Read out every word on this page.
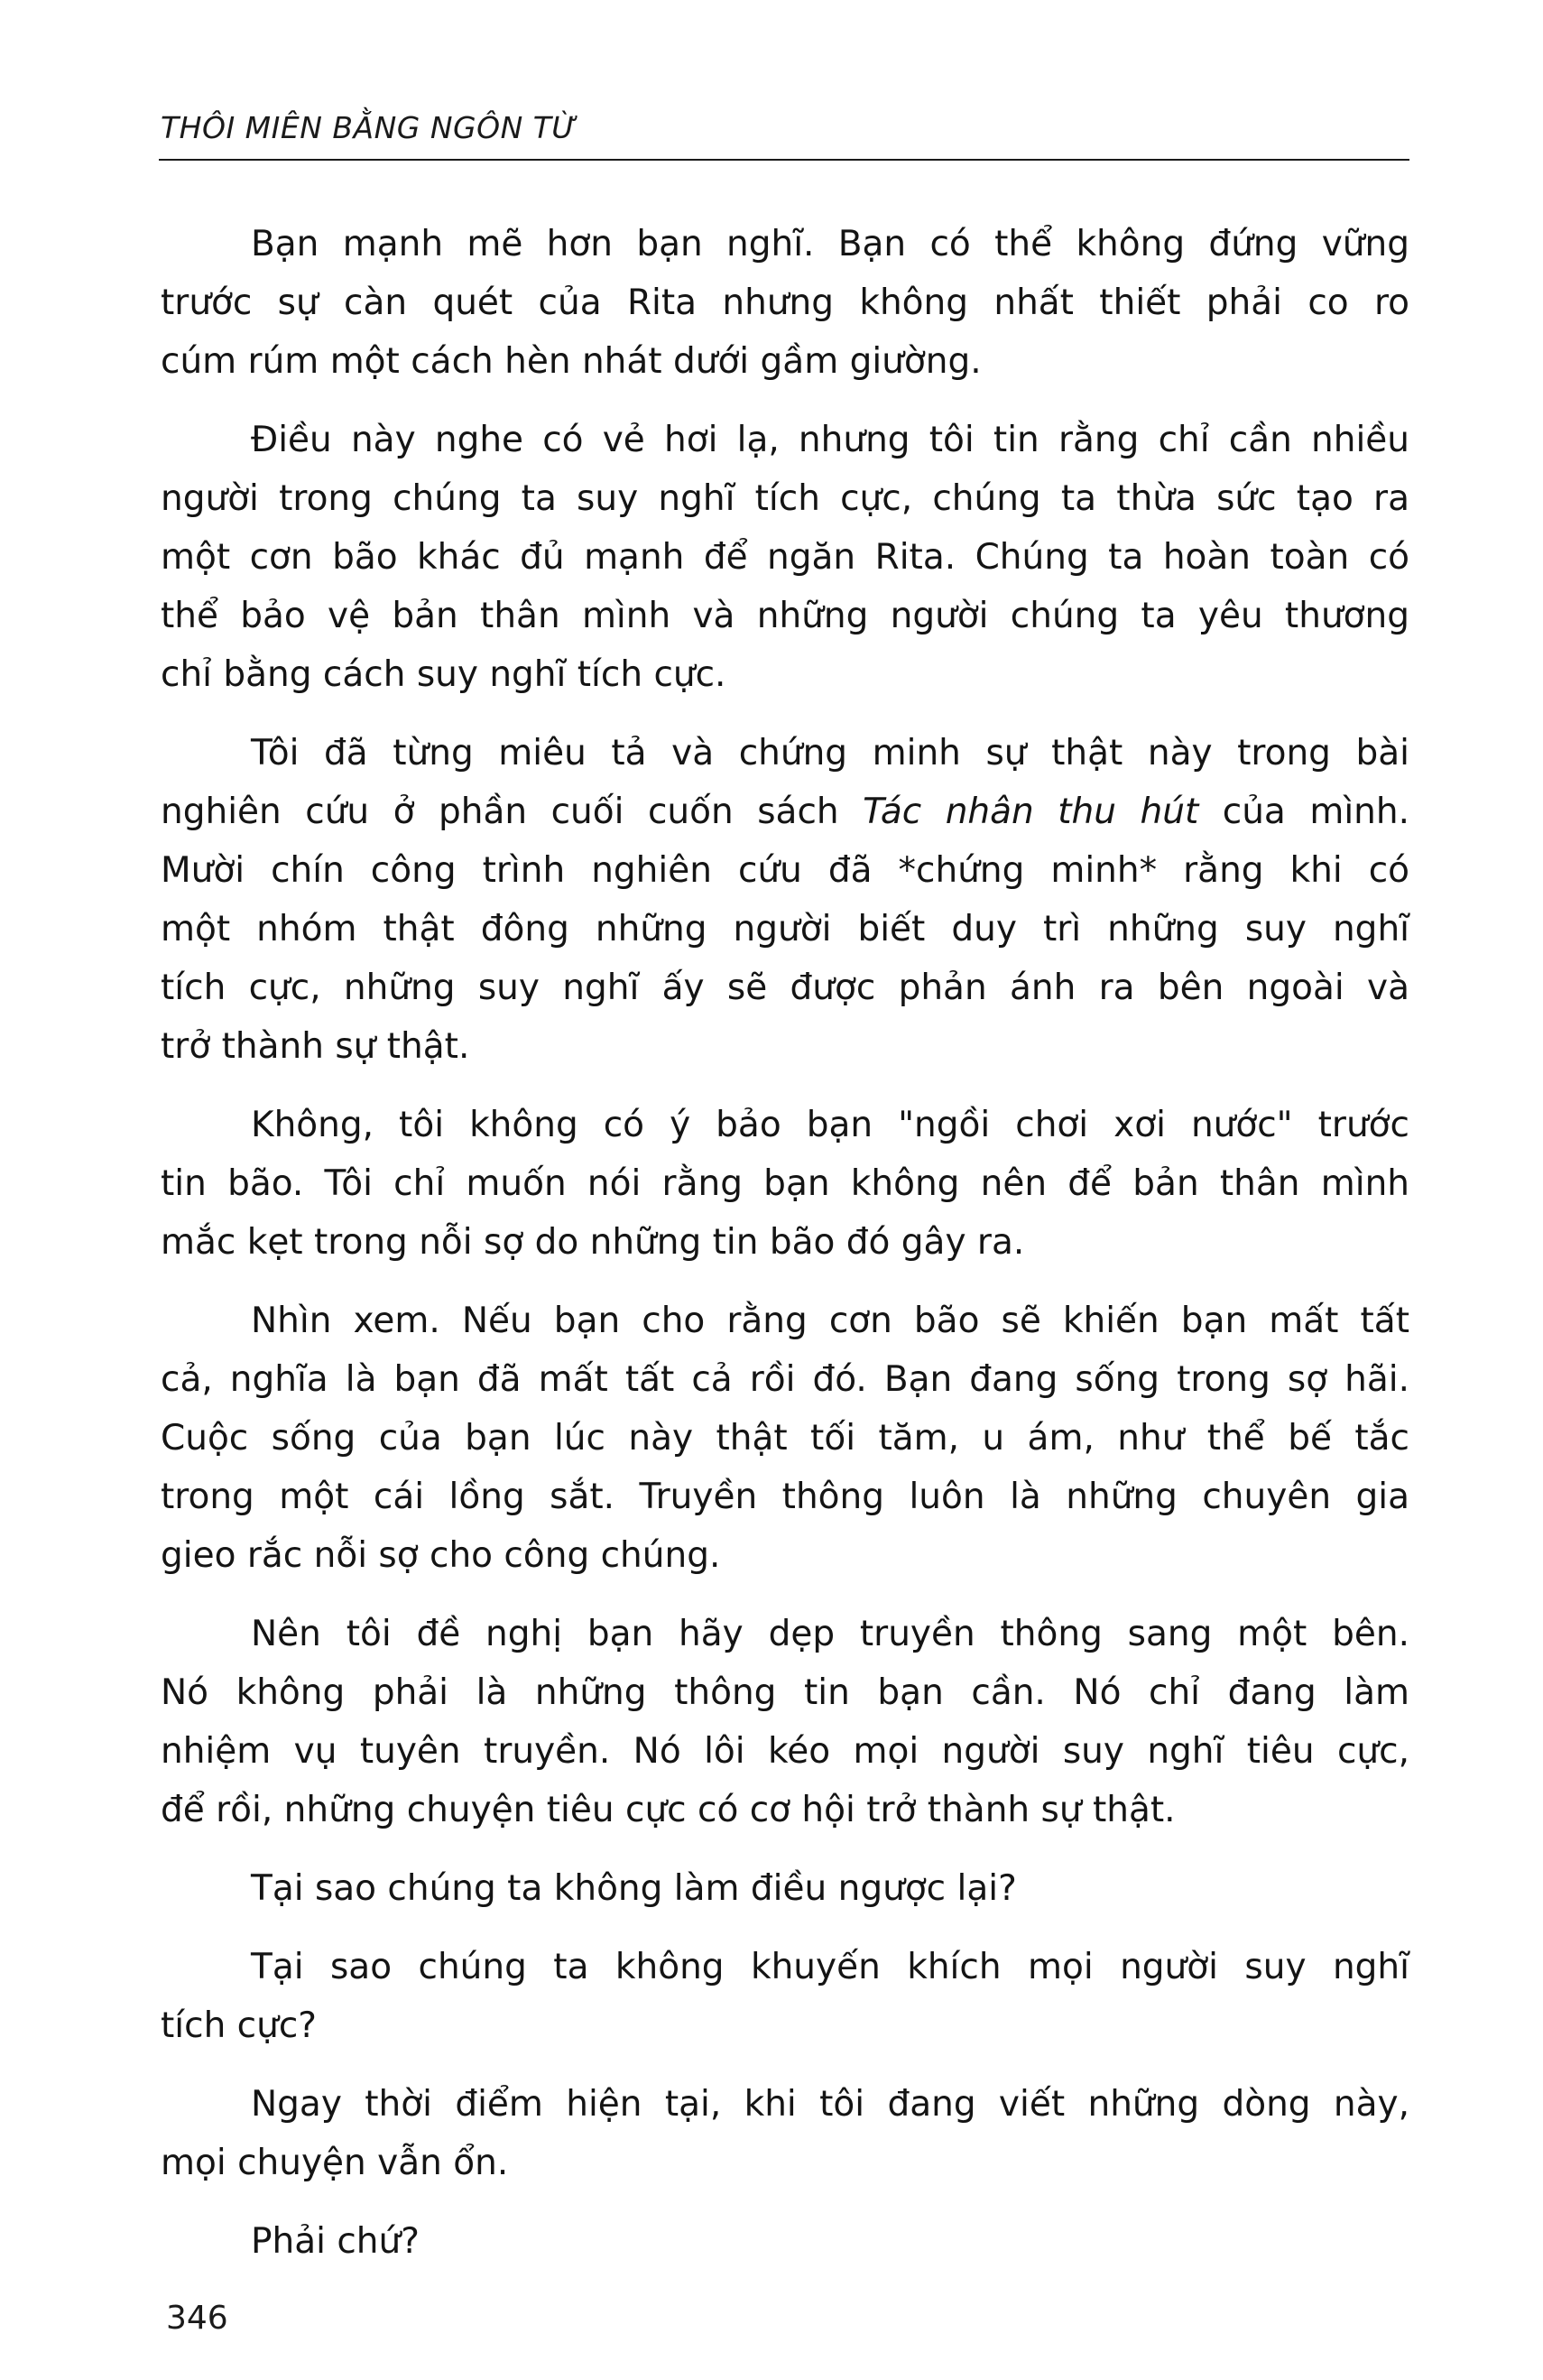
THÔI MIÊN BẰNG NGÔN TỪ
Bạn mạnh mẽ hơn bạn nghĩ. Bạn có thể không đứng vững
trước sự càn quét của Rita nhưng không nhất thiết phải co ro
cúm rúm một cách hèn nhát dưới gầm giường.
Điều này nghe có vẻ hơi lạ, nhưng tôi tin rằng chỉ cần nhiều
người trong chúng ta suy nghĩ tích cực, chúng ta thừa sức tạo ra
một cơn bão khác đủ mạnh để ngăn Rita. Chúng ta hoàn toàn có
thể bảo vệ bản thân mình và những người chúng ta yêu thương
chỉ bằng cách suy nghĩ tích cực.
Tôi đã từng miêu tả và chứng minh sự thật này trong bài
nghiên cứu ở phần cuối cuốn sách Tác nhân thu hút của mình.
Mười chín công trình nghiên cứu đã *chứng minh* rằng khi có
một nhóm thật đông những người biết duy trì những suy nghĩ
tích cực, những suy nghĩ ấy sẽ được phản ánh ra bên ngoài và
trở thành sự thật.
Không, tôi không có ý bảo bạn "ngồi chơi xơi nước" trước
tin bão. Tôi chỉ muốn nói rằng bạn không nên để bản thân mình
mắc kẹt trong nỗi sợ do những tin bão đó gây ra.
Nhìn xem. Nếu bạn cho rằng cơn bão sẽ khiến bạn mất tất
cả, nghĩa là bạn đã mất tất cả rồi đó. Bạn đang sống trong sợ hãi.
Cuộc sống của bạn lúc này thật tối tăm, u ám, như thể bế tắc
trong một cái lồng sắt. Truyền thông luôn là những chuyên gia
gieo rắc nỗi sợ cho công chúng.
Nên tôi đề nghị bạn hãy dẹp truyền thông sang một bên.
Nó không phải là những thông tin bạn cần. Nó chỉ đang làm
nhiệm vụ tuyên truyền. Nó lôi kéo mọi người suy nghĩ tiêu cực,
để rồi, những chuyện tiêu cực có cơ hội trở thành sự thật.
Tại sao chúng ta không làm điều ngược lại?
Tại sao chúng ta không khuyến khích mọi người suy nghĩ
tích cực?
Ngay thời điểm hiện tại, khi tôi đang viết những dòng này,
mọi chuyện vẫn ổn.
Phải chứ?
346
